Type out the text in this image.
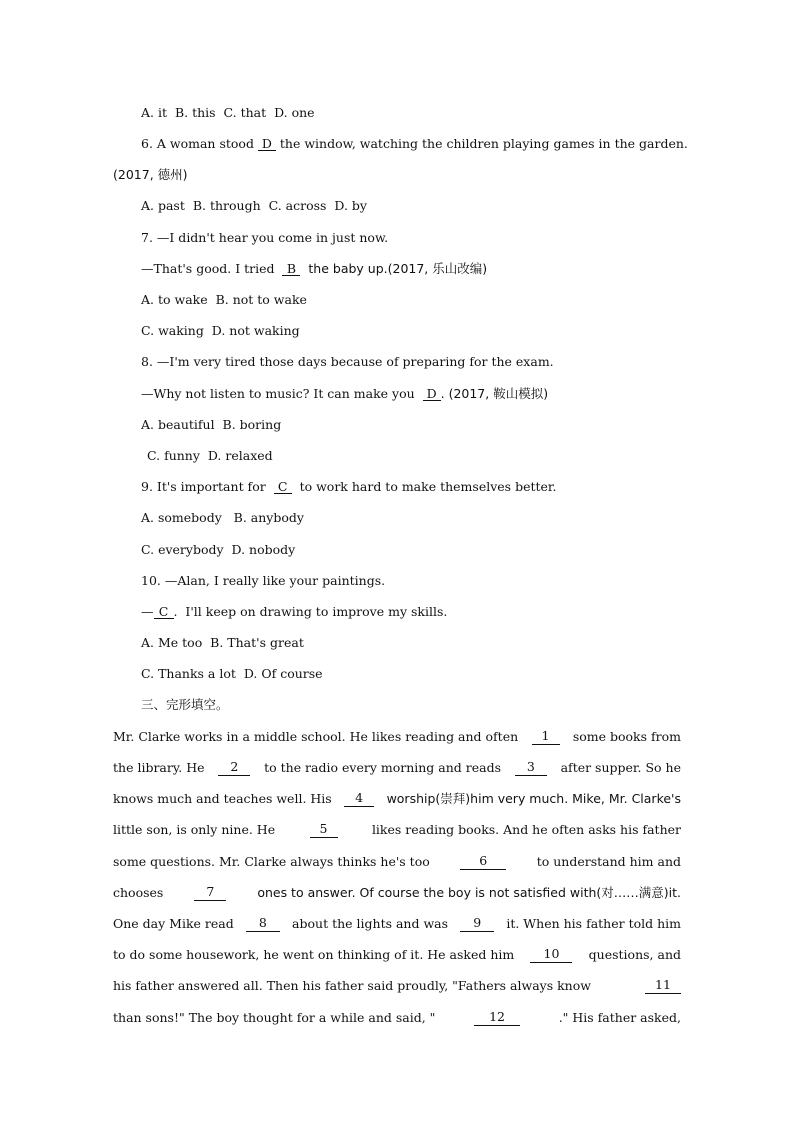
A. it  B. this  C. that  D. one
6. A woman stood D the window, watching the children playing games in the garden.
(2017, 德州)
A. past  B. through  C. across  D. by
7. —I didn't hear you come in just now.
—That's good. I tried  B  the baby up.(2017, 乐山改编)
A. to wake  B. not to wake
C. waking  D. not waking
8. —I'm very tired those days because of preparing for the exam.
—Why not listen to music? It can make you  D . (2017, 鞍山模拟)
A. beautiful  B. boring
C. funny  D. relaxed
9. It's important for  C  to work hard to make themselves better.
A. somebody   B. anybody
C. everybody  D. nobody
10. —Alan, I really like your paintings.
— C .  I'll keep on drawing to improve my skills.
A. Me too  B. That's great
C. Thanks a lot  D. Of course
三、完形填空。
Mr. Clarke works in a middle school. He likes reading and often	1	some books from
the library. He	2	to the radio every morning and reads	3	after supper. So he
knows much and teaches well. His	4	worship(崇拜)him very much. Mike, Mr. Clarke's
little son, is only nine. He	5	likes reading books. And he often asks his father
some questions. Mr. Clarke always thinks he's too	6	to understand him and
chooses	7	ones to answer. Of course the boy is not satisfied with(对……满意)it.
One day Mike read	8	about the lights and was	9	it. When his father told him
to do some housework, he went on thinking of it. He asked him	10	questions, and
his father answered all. Then his father said proudly, "Fathers always know	11
than sons!" The boy thought for a while and said, "	12	." His father asked,
